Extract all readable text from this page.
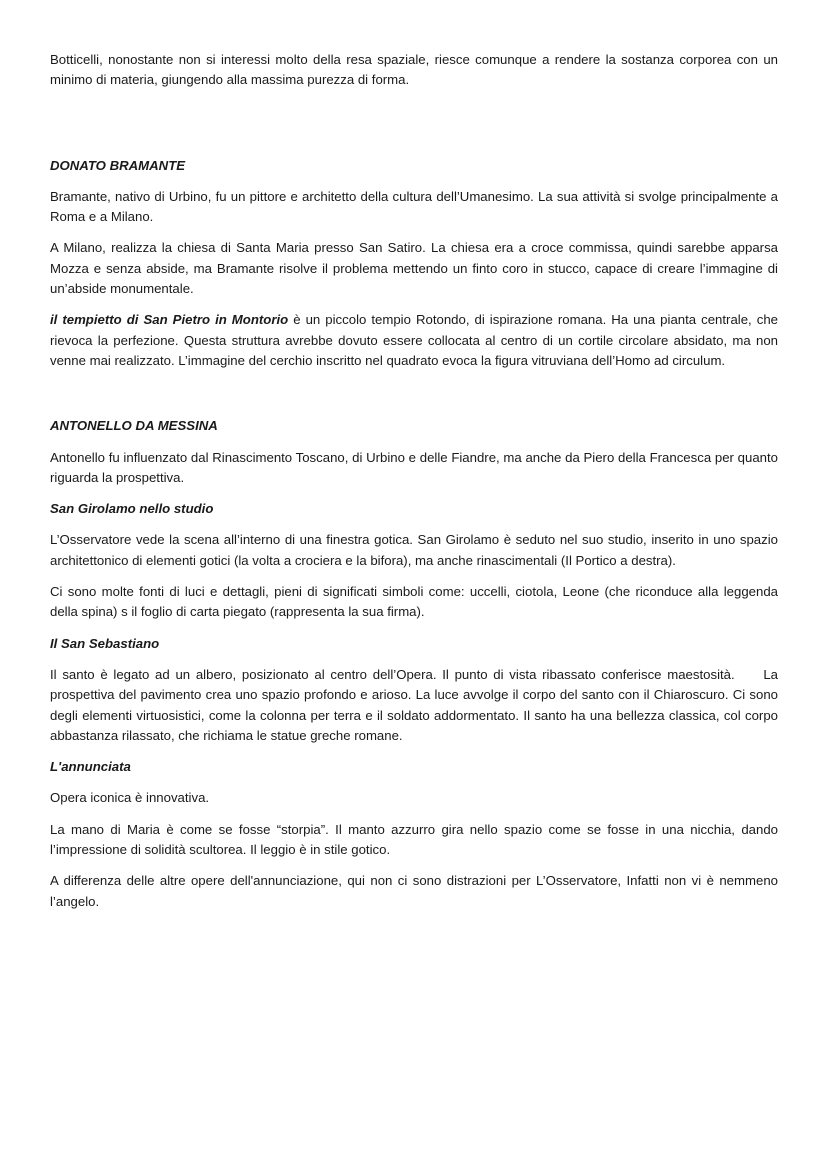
Botticelli, nonostante non si interessi molto della resa spaziale, riesce comunque a rendere la sostanza corporea con un minimo di materia, giungendo alla massima purezza di forma.

DONATO BRAMANTE

Bramante, nativo di Urbino, fu un pittore e architetto della cultura dell’Umanesimo. La sua attività si svolge principalmente a Roma e a Milano.

A Milano, realizza la chiesa di Santa Maria presso San Satiro. La chiesa era a croce commissa, quindi sarebbe apparsa Mozza e senza abside, ma Bramante risolve il problema mettendo un finto coro in stucco, capace di creare l’immagine di un’abside monumentale.

il tempietto di San Pietro in Montorio è un piccolo tempio Rotondo, di ispirazione romana. Ha una pianta centrale, che rievoca la perfezione. Questa struttura avrebbe dovuto essere collocata al centro di un cortile circolare absidato, ma non venne mai realizzato. L’immagine del cerchio inscritto nel quadrato evoca la figura vitruviana dell’Homo ad circulum.

ANTONELLO DA MESSINA

Antonello fu influenzato dal Rinascimento Toscano, di Urbino e delle Fiandre, ma anche da Piero della Francesca per quanto riguarda la prospettiva.

San Girolamo nello studio

L’Osservatore vede la scena all’interno di una finestra gotica. San Girolamo è seduto nel suo studio, inserito in uno spazio architettonico di elementi gotici (la volta a crociera e la bifora), ma anche rinascimentali (Il Portico a destra).

Ci sono molte fonti di luci e dettagli, pieni di significati simboli come: uccelli, ciotola, Leone (che riconduce alla leggenda della spina) s il foglio di carta piegato (rappresenta la sua firma).

Il San Sebastiano

Il santo è legato ad un albero, posizionato al centro dell’Opera. Il punto di vista ribassato conferisce maestosità.     La prospettiva del pavimento crea uno spazio profondo e arioso. La luce avvolge il corpo del santo con il Chiaroscuro. Ci sono degli elementi virtuosistici, come la colonna per terra e il soldato addormentato. Il santo ha una bellezza classica, col corpo abbastanza rilassato, che richiama le statue greche romane.

L'annunciata

Opera iconica è innovativa.

La mano di Maria è come se fosse “storpia”. Il manto azzurro gira nello spazio come se fosse in una nicchia, dando l’impressione di solidità scultorea. Il leggio è in stile gotico.

A differenza delle altre opere dell'annunciazione, qui non ci sono distrazioni per L’Osservatore, Infatti non vi è nemmeno l’angelo.
